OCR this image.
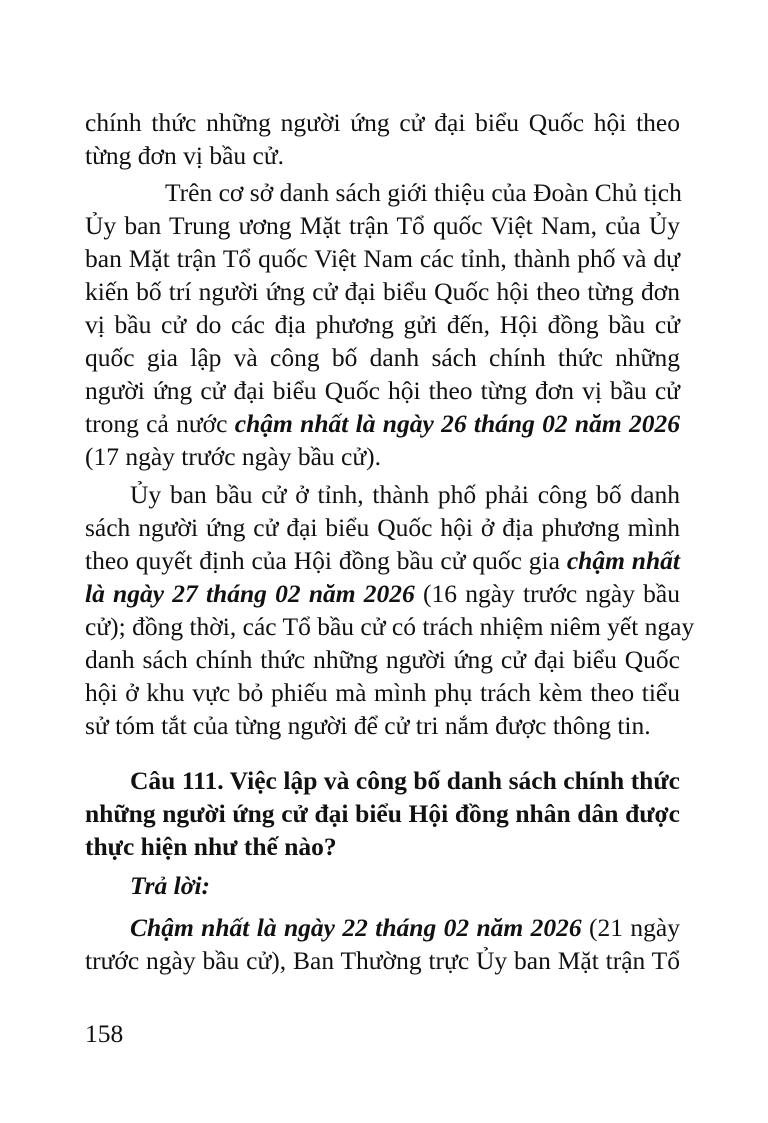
chính thức những người ứng cử đại biểu Quốc hội theo
từng đơn vị bầu cử.
Trên cơ sở danh sách giới thiệu của Đoàn Chủ tịch
Ủy ban Trung ương Mặt trận Tổ quốc Việt Nam, của Ủy
ban Mặt trận Tổ quốc Việt Nam các tỉnh, thành phố và dự
kiến bố trí người ứng cử đại biểu Quốc hội theo từng đơn
vị bầu cử do các địa phương gửi đến, Hội đồng bầu cử
quốc gia lập và công bố danh sách chính thức những
người ứng cử đại biểu Quốc hội theo từng đơn vị bầu cử
trong cả nước chậm nhất là ngày 26 tháng 02 năm 2026
(17 ngày trước ngày bầu cử).
Ủy ban bầu cử ở tỉnh, thành phố phải công bố danh
sách người ứng cử đại biểu Quốc hội ở địa phương mình
theo quyết định của Hội đồng bầu cử quốc gia chậm nhất
là ngày 27 tháng 02 năm 2026 (16 ngày trước ngày bầu
cử); đồng thời, các Tổ bầu cử có trách nhiệm niêm yết ngay
danh sách chính thức những người ứng cử đại biểu Quốc
hội ở khu vực bỏ phiếu mà mình phụ trách kèm theo tiểu
sử tóm tắt của từng người để cử tri nắm được thông tin.
Câu 111. Việc lập và công bố danh sách chính thức
những người ứng cử đại biểu Hội đồng nhân dân được
thực hiện như thế nào?
Trả lời:
Chậm nhất là ngày 22 tháng 02 năm 2026 (21 ngày
trước ngày bầu cử), Ban Thường trực Ủy ban Mặt trận Tổ
158
